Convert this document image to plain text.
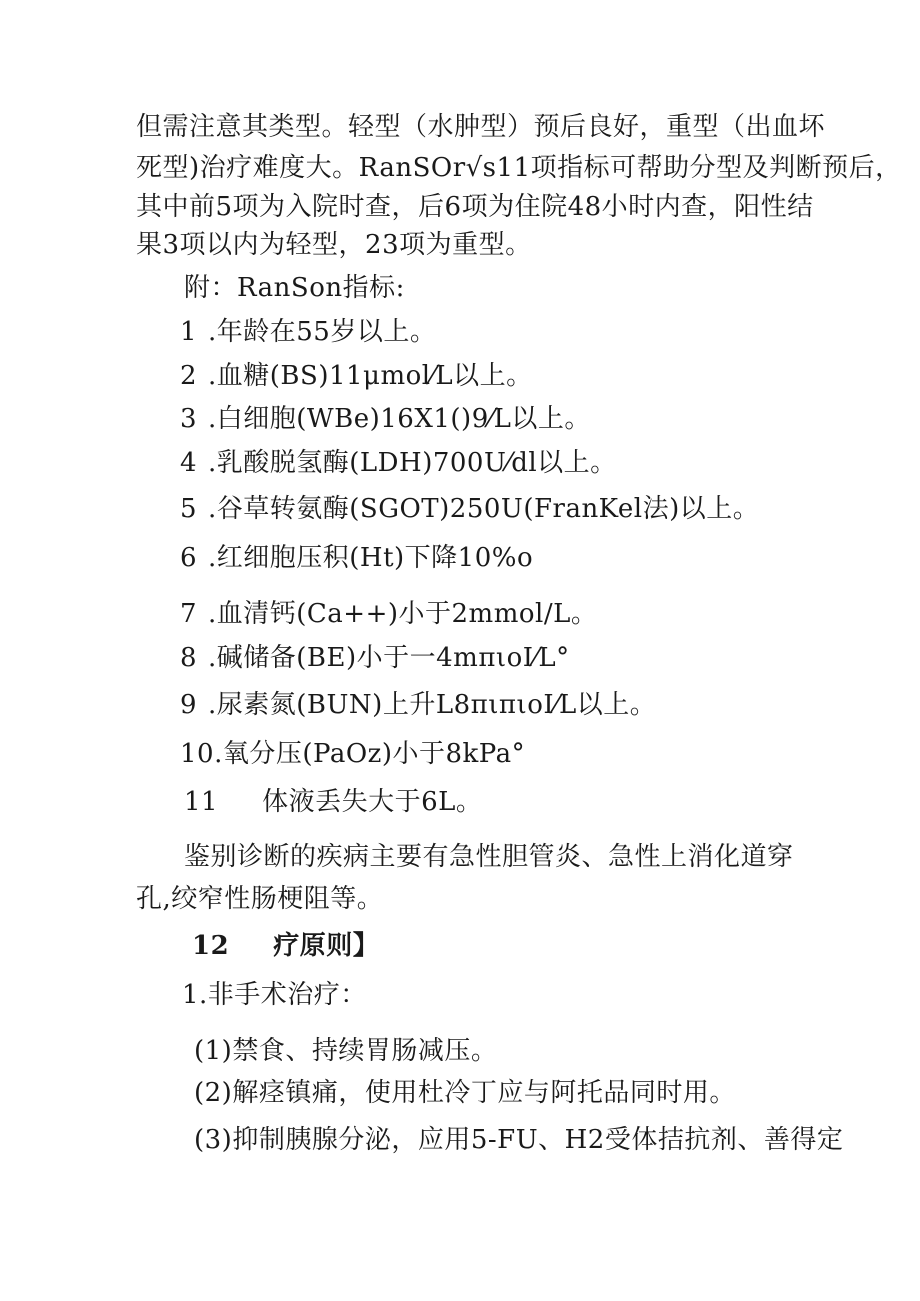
但需注意其类型。轻型（水肿型）预后良好，重型（出血坏
死型)治疗难度大。RanSOr√s11项指标可帮助分型及判断预后，
其中前5项为入院时查，后6项为住院48小时内查，阳性结
果3项以内为轻型，23项为重型。
附：RanSon指标:
1 .年龄在55岁以上。
2 .血糖(BS)11μmol⁄L以上。
3 .白细胞(WBe)16X1()9⁄L以上。
4 .乳酸脱氢酶(LDH)700U⁄dl以上。
5 .谷草转氨酶(SGOT)250U(FranKel法)以上。
6 .红细胞压积(Ht)下降10%o
7 .血清钙(Ca++)小于2mmol/L。
8 .碱储备(BE)小于一4mπιoI⁄L°
9 .尿素氮(BUN)上升L8πιπιoI⁄L以上。
10.氧分压(PaOz)小于8kPa°
11 体液丢失大于6L。
鉴别诊断的疾病主要有急性胆管炎、急性上消化道穿
孔,绞窄性肠梗阻等。
12 疗原则】
1.非手术治疗：
(1)禁食、持续胃肠减压。
(2)解痉镇痛，使用杜冷丁应与阿托品同时用。
(3)抑制胰腺分泌，应用5-FU、H2受体拮抗剂、善得定
